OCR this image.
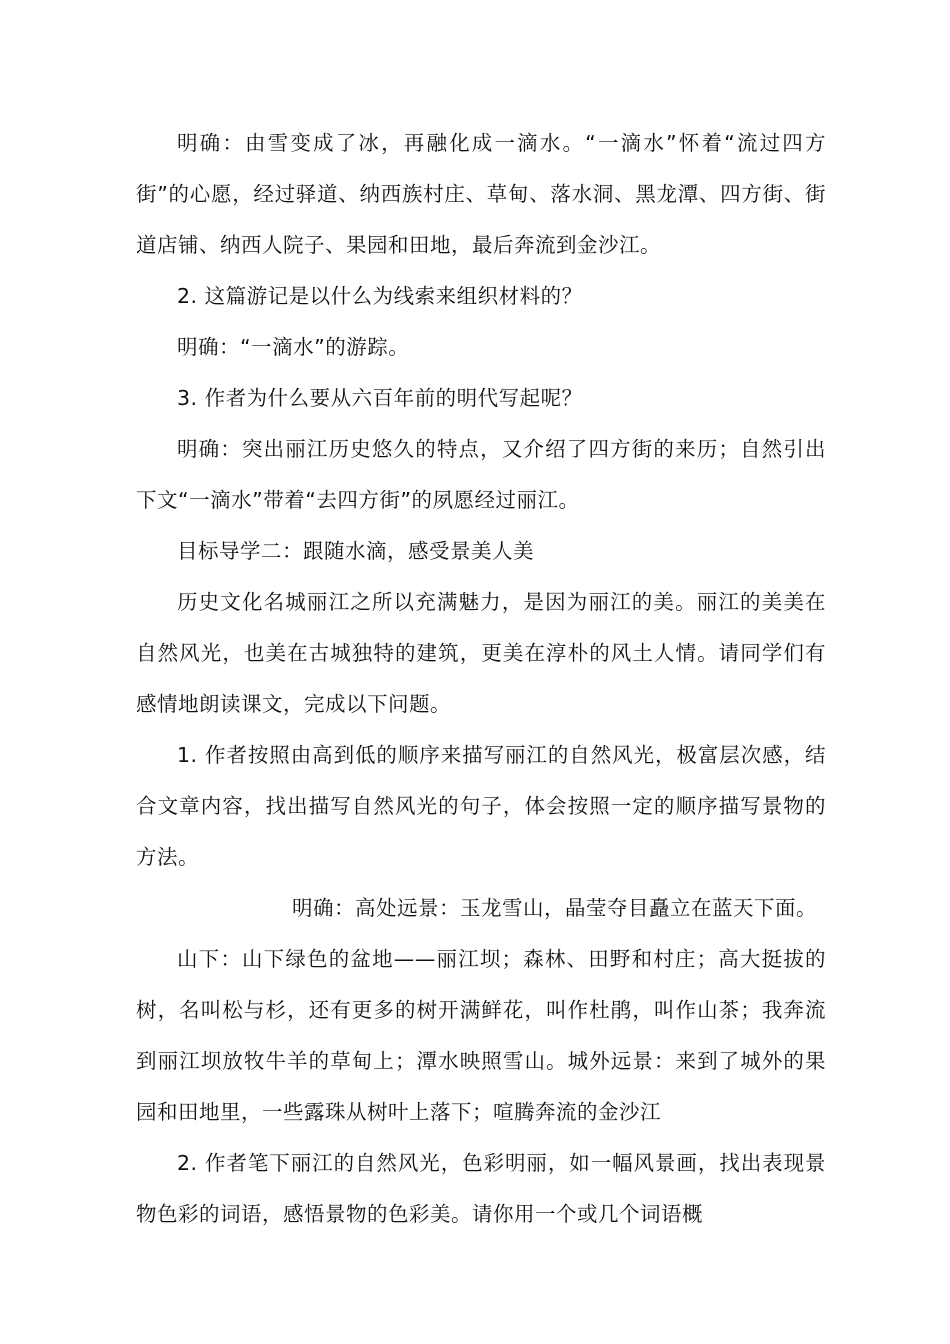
明确：由雪变成了冰，再融化成一滴水。“一滴水”怀着“流过四方街”的心愿，经过驿道、纳西族村庄、草甸、落水洞、黑龙潭、四方街、街道店铺、纳西人院子、果园和田地，最后奔流到金沙江。

2. 这篇游记是以什么为线索来组织材料的？

明确：“一滴水”的游踪。

3. 作者为什么要从六百年前的明代写起呢？

明确：突出丽江历史悠久的特点，又介绍了四方街的来历；自然引出下文“一滴水”带着“去四方街”的夙愿经过丽江。

目标导学二：跟随水滴，感受景美人美

历史文化名城丽江之所以充满魅力，是因为丽江的美。丽江的美美在自然风光，也美在古城独特的建筑，更美在淳朴的风土人情。请同学们有感情地朗读课文，完成以下问题。

1. 作者按照由高到低的顺序来描写丽江的自然风光，极富层次感，结合文章内容，找出描写自然风光的句子，体会按照一定的顺序描写景物的方法。

明确：高处远景：玉龙雪山，晶莹夺目矗立在蓝天下面。

山下：山下绿色的盆地——丽江坝；森林、田野和村庄；高大挺拔的树，名叫松与杉，还有更多的树开满鲜花，叫作杜鹃，叫作山茶；我奔流到丽江坝放牧牛羊的草甸上；潭水映照雪山。城外远景：来到了城外的果园和田地里，一些露珠从树叶上落下；喧腾奔流的金沙江

2. 作者笔下丽江的自然风光，色彩明丽，如一幅风景画，找出表现景物色彩的词语，感悟景物的色彩美。请你用一个或几个词语概
